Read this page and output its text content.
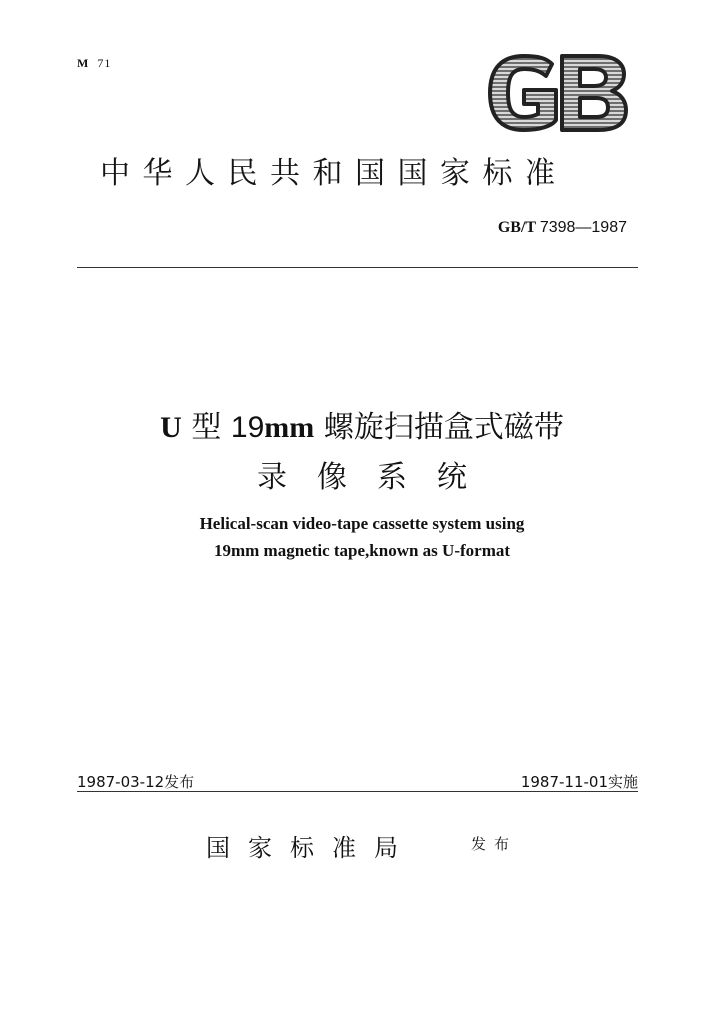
M 71
GB
中华人民共和国国家标准
GB/T 7398—1987
U 型 19mm 螺旋扫描盒式磁带
录像系统
Helical-scan video-tape cassette system using
19mm magnetic tape,known as U-format
1987-03-12发布	1987-11-01实施
国家标准局	发布
